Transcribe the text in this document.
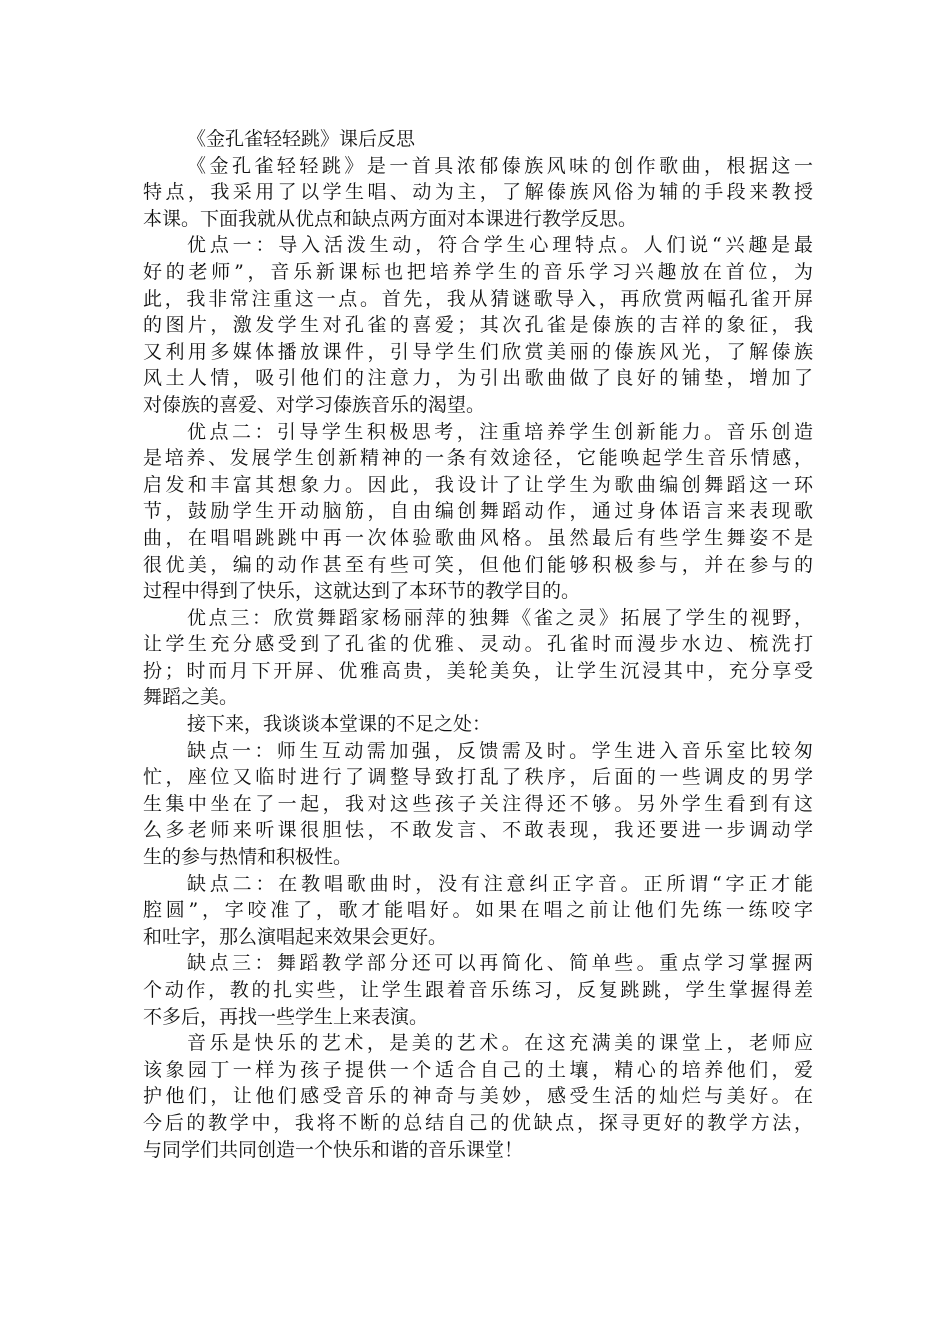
《金孔雀轻轻跳》课后反思
《金孔雀轻轻跳》是一首具浓郁傣族风味的创作歌曲，根据这一
特点，我采用了以学生唱、动为主，了解傣族风俗为辅的手段来教授
本课。下面我就从优点和缺点两方面对本课进行教学反思。
优点一：导入活泼生动，符合学生心理特点。人们说“兴趣是最
好的老师”，音乐新课标也把培养学生的音乐学习兴趣放在首位，为
此，我非常注重这一点。首先，我从猜谜歌导入，再欣赏两幅孔雀开屏
的图片，激发学生对孔雀的喜爱；其次孔雀是傣族的吉祥的象征，我
又利用多媒体播放课件，引导学生们欣赏美丽的傣族风光，了解傣族
风土人情，吸引他们的注意力，为引出歌曲做了良好的铺垫，增加了
对傣族的喜爱、对学习傣族音乐的渴望。
优点二：引导学生积极思考，注重培养学生创新能力。音乐创造
是培养、发展学生创新精神的一条有效途径，它能唤起学生音乐情感，
启发和丰富其想象力。因此，我设计了让学生为歌曲编创舞蹈这一环
节，鼓励学生开动脑筋，自由编创舞蹈动作，通过身体语言来表现歌
曲，在唱唱跳跳中再一次体验歌曲风格。虽然最后有些学生舞姿不是
很优美，编的动作甚至有些可笑，但他们能够积极参与，并在参与的
过程中得到了快乐，这就达到了本环节的教学目的。
优点三：欣赏舞蹈家杨丽萍的独舞《雀之灵》拓展了学生的视野，
让学生充分感受到了孔雀的优雅、灵动。孔雀时而漫步水边、梳洗打
扮；时而月下开屏、优雅高贵，美轮美奂，让学生沉浸其中，充分享受
舞蹈之美。
接下来，我谈谈本堂课的不足之处：
缺点一：师生互动需加强，反馈需及时。学生进入音乐室比较匆
忙，座位又临时进行了调整导致打乱了秩序，后面的一些调皮的男学
生集中坐在了一起，我对这些孩子关注得还不够。另外学生看到有这
么多老师来听课很胆怯，不敢发言、不敢表现，我还要进一步调动学
生的参与热情和积极性。
缺点二：在教唱歌曲时，没有注意纠正字音。正所谓“字正才能
腔圆”，字咬准了，歌才能唱好。如果在唱之前让他们先练一练咬字
和吐字，那么演唱起来效果会更好。
缺点三：舞蹈教学部分还可以再简化、简单些。重点学习掌握两
个动作，教的扎实些，让学生跟着音乐练习，反复跳跳，学生掌握得差
不多后，再找一些学生上来表演。
音乐是快乐的艺术，是美的艺术。在这充满美的课堂上，老师应
该象园丁一样为孩子提供一个适合自己的土壤，精心的培养他们，爱
护他们，让他们感受音乐的神奇与美妙，感受生活的灿烂与美好。在
今后的教学中，我将不断的总结自己的优缺点，探寻更好的教学方法，
与同学们共同创造一个快乐和谐的音乐课堂！
